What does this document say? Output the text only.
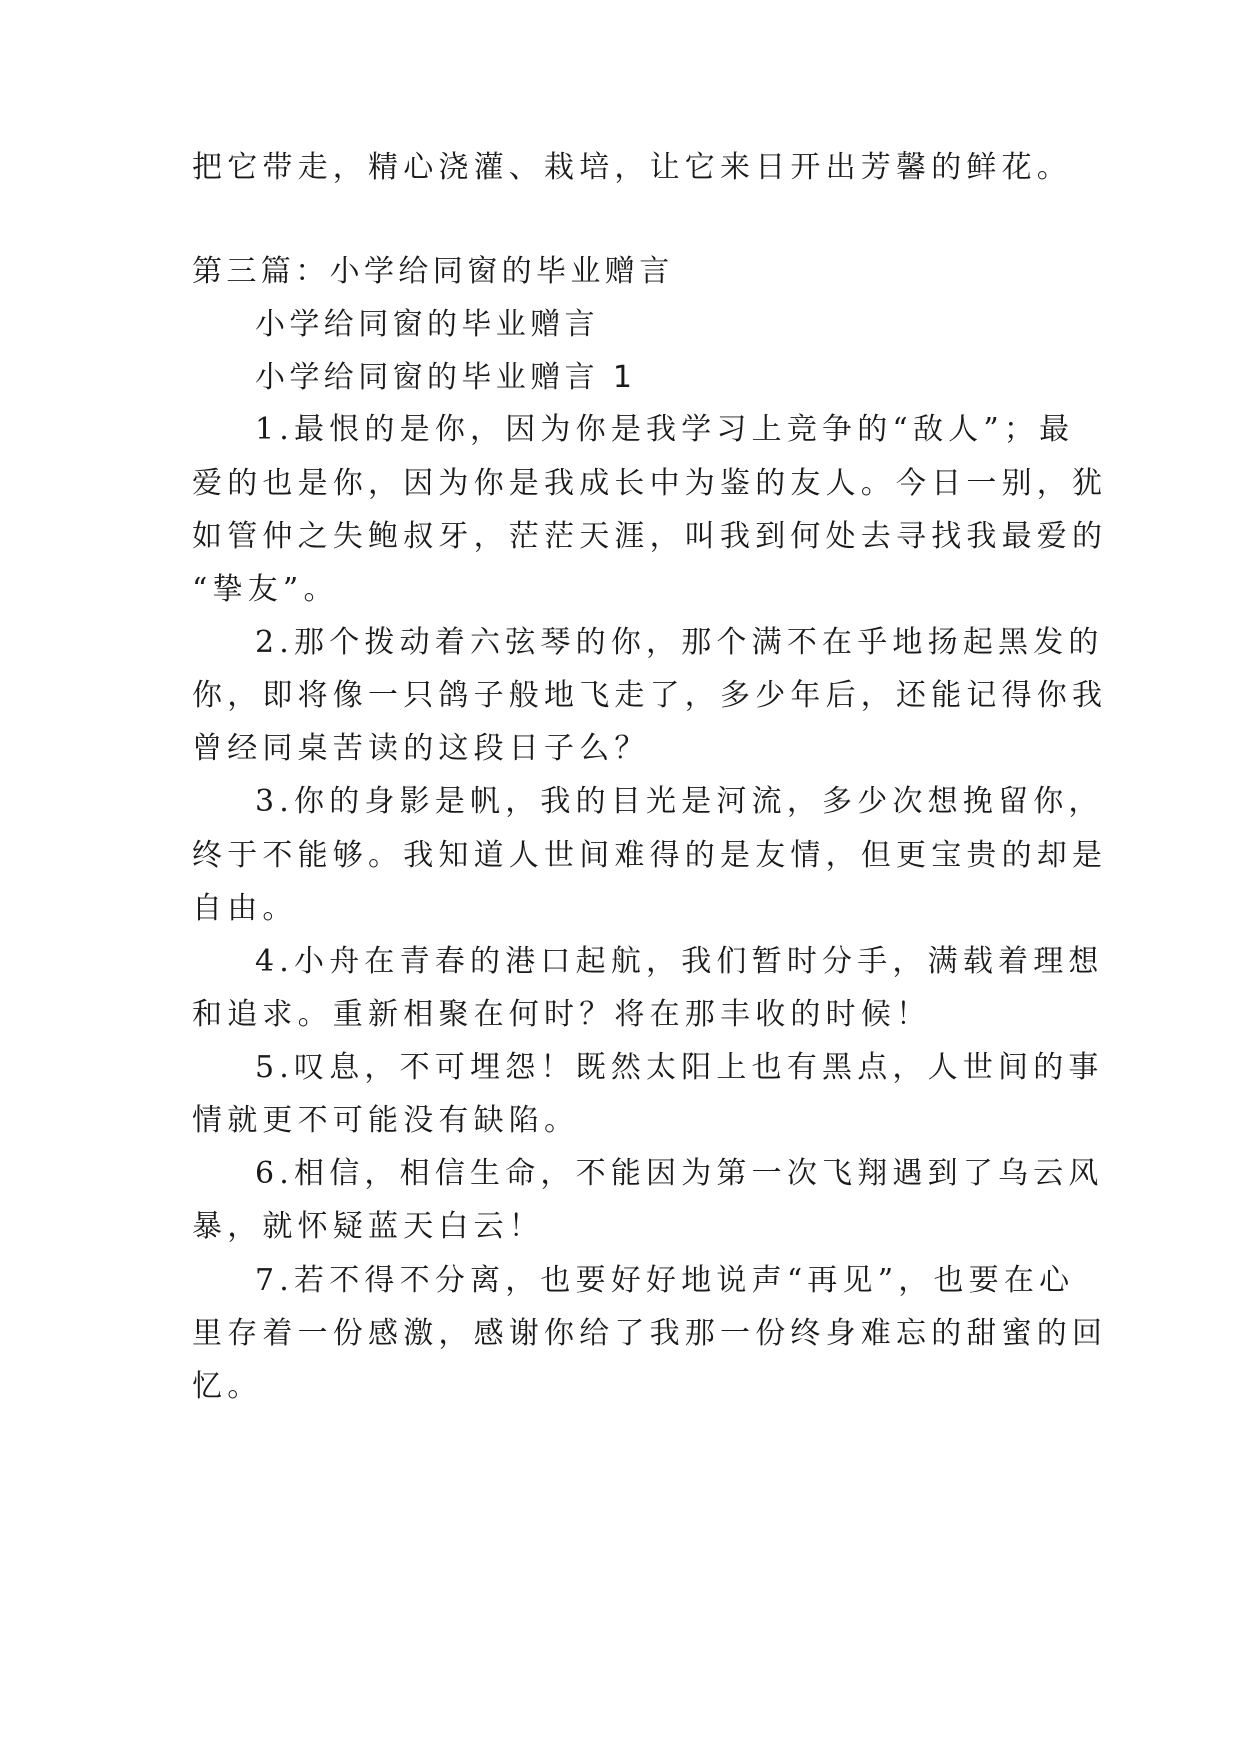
把它带走，精心浇灌、栽培，让它来日开出芳馨的鲜花。
第三篇：小学给同窗的毕业赠言
小学给同窗的毕业赠言
小学给同窗的毕业赠言 1
1.最恨的是你，因为你是我学习上竞争的“敌人”；最
爱的也是你，因为你是我成长中为鉴的友人。今日一别，犹
如管仲之失鲍叔牙，茫茫天涯，叫我到何处去寻找我最爱的
“挚友”。
2.那个拨动着六弦琴的你，那个满不在乎地扬起黑发的
你，即将像一只鸽子般地飞走了，多少年后，还能记得你我
曾经同桌苦读的这段日子么？
3.你的身影是帆，我的目光是河流，多少次想挽留你，
终于不能够。我知道人世间难得的是友情，但更宝贵的却是
自由。
4.小舟在青春的港口起航，我们暂时分手，满载着理想
和追求。重新相聚在何时？将在那丰收的时候！
5.叹息，不可埋怨！既然太阳上也有黑点，人世间的事
情就更不可能没有缺陷。
6.相信，相信生命，不能因为第一次飞翔遇到了乌云风
暴，就怀疑蓝天白云！
7.若不得不分离，也要好好地说声“再见”，也要在心
里存着一份感激，感谢你给了我那一份终身难忘的甜蜜的回
忆。
